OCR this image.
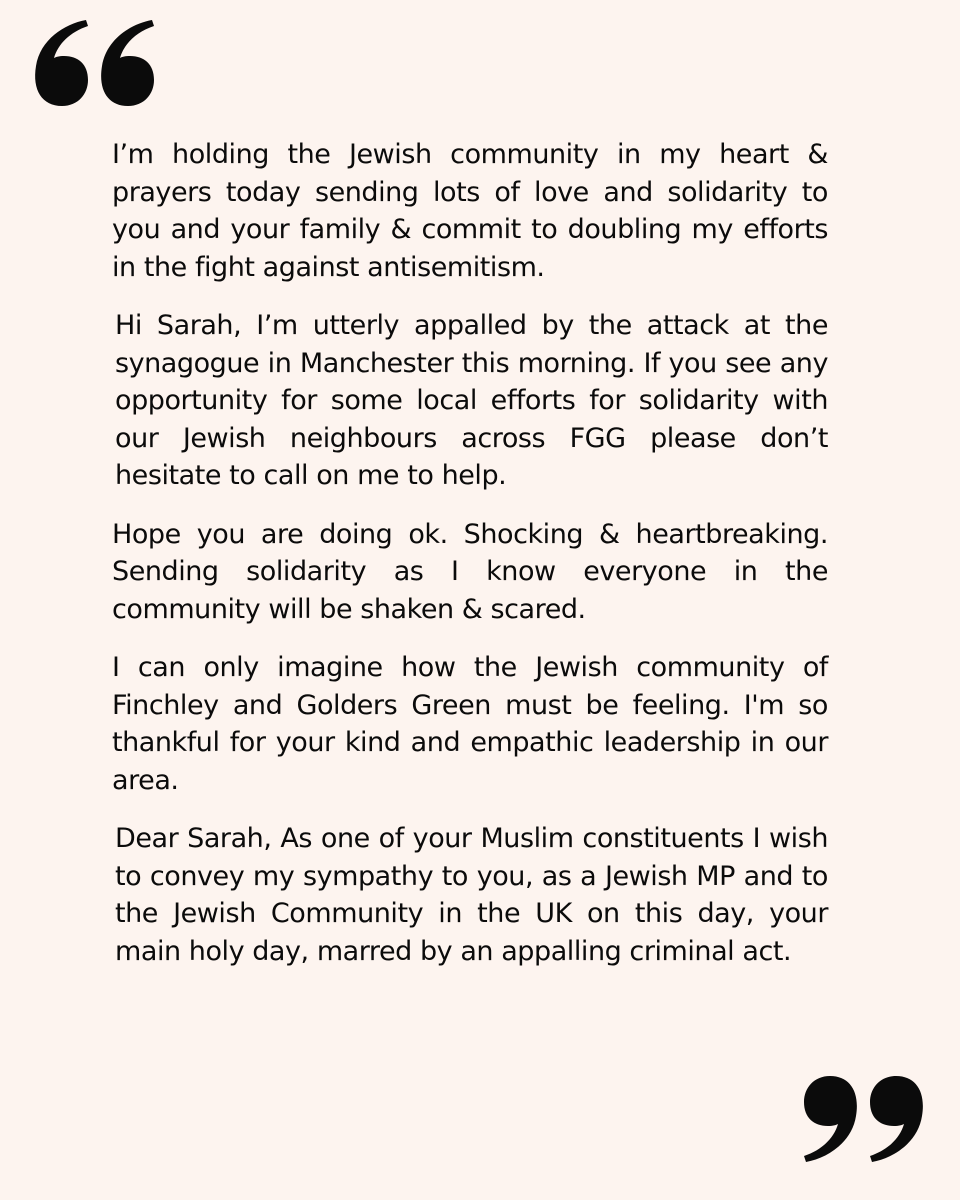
I’m holding the Jewish community in my heart & prayers today sending lots of love and solidarity to you and your family & commit to doubling my efforts in the fight against antisemitism.

Hi Sarah, I’m utterly appalled by the attack at the synagogue in Manchester this morning. If you see any opportunity for some local efforts for solidarity with our Jewish neighbours across FGG please don’t hesitate to call on me to help.

Hope you are doing ok. Shocking & heartbreaking. Sending solidarity as I know everyone in the community will be shaken & scared.

I can only imagine how the Jewish community of Finchley and Golders Green must be feeling. I'm so thankful for your kind and empathic leadership in our area.

Dear Sarah, As one of your Muslim constituents I wish to convey my sympathy to you, as a Jewish MP and to the Jewish Community in the UK on this day, your main holy day, marred by an appalling criminal act.
